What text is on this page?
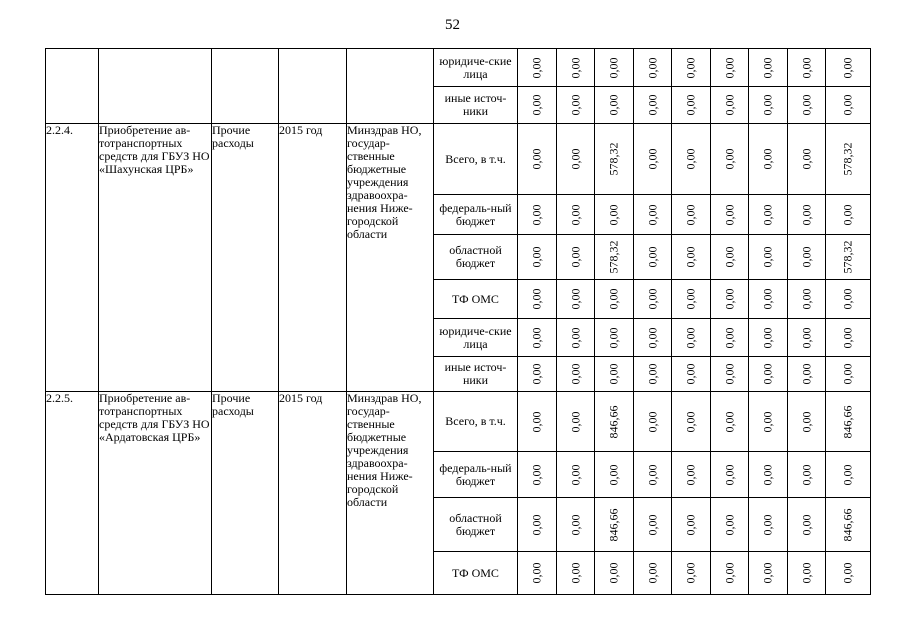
52
					юридиче-ские лица	0,00	0,00	0,00	0,00	0,00	0,00	0,00	0,00	0,00

					иные источ-ники	0,00	0,00	0,00	0,00	0,00	0,00	0,00	0,00	0,00

2.2.4.	Приобретение ав-тотранспортных средств для ГБУЗ НО «Шахунская ЦРБ»	Прочие расходы	2015 год	Минздрав НО, государ-ственные бюджетные учреждения здравоохра-нения Ниже-городской области	Всего, в т.ч.	0,00	0,00	578,32	0,00	0,00	0,00	0,00	0,00	578,32

					федераль-ный бюджет	0,00	0,00	0,00	0,00	0,00	0,00	0,00	0,00	0,00

					областной бюджет	0,00	0,00	578,32	0,00	0,00	0,00	0,00	0,00	578,32

					ТФ ОМС	0,00	0,00	0,00	0,00	0,00	0,00	0,00	0,00	0,00

					юридиче-ские лица	0,00	0,00	0,00	0,00	0,00	0,00	0,00	0,00	0,00

					иные источ-ники	0,00	0,00	0,00	0,00	0,00	0,00	0,00	0,00	0,00

2.2.5.	Приобретение ав-тотранспортных средств для ГБУЗ НО «Ардатовская ЦРБ»	Прочие расходы	2015 год	Минздрав НО, государ-ственные бюджетные учреждения здравоохра-нения Ниже-городской области	Всего, в т.ч.	0,00	0,00	846,66	0,00	0,00	0,00	0,00	0,00	846,66

					федераль-ный бюджет	0,00	0,00	0,00	0,00	0,00	0,00	0,00	0,00	0,00

					областной бюджет	0,00	0,00	846,66	0,00	0,00	0,00	0,00	0,00	846,66

					ТФ ОМС	0,00	0,00	0,00	0,00	0,00	0,00	0,00	0,00	0,00
